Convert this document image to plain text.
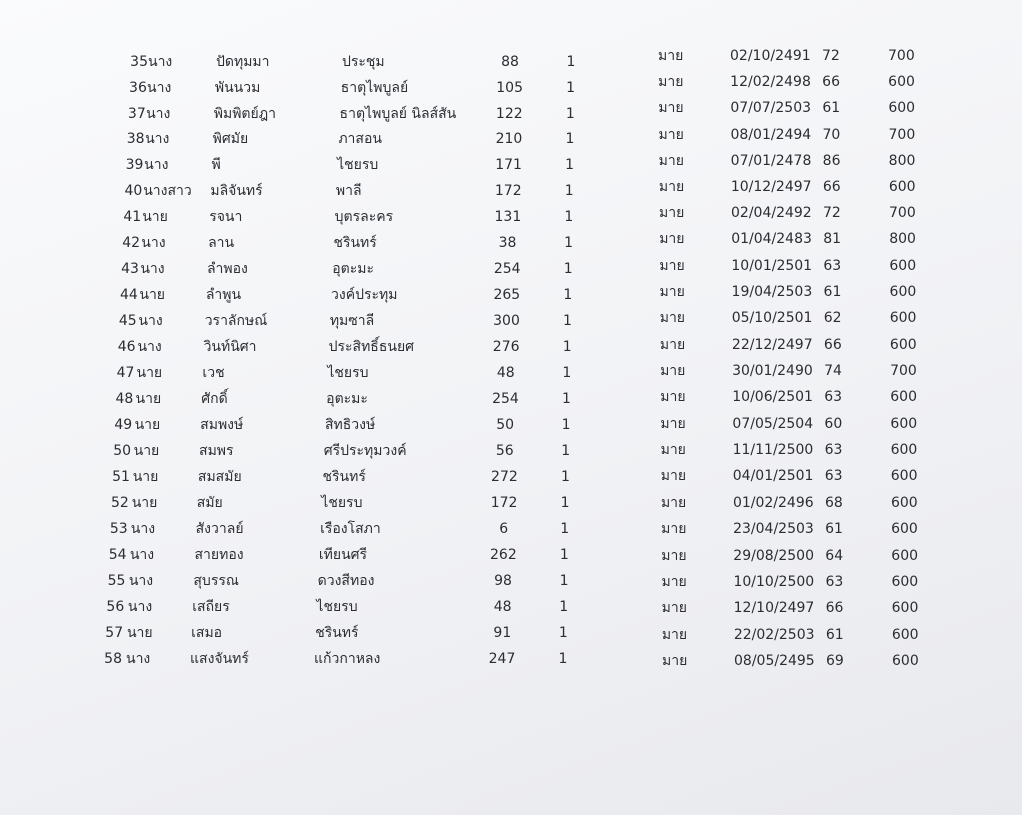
35 นาง	ปัดทุมมา	ประชุม	88	1	มาย	02/10/2491 72	700
36 นาง	พันนวม	ธาตุไพบูลย์	105	1	มาย	12/02/2498 66	600
37 นาง	พิมพิตย์ฎา	ธาตุไพบูลย์ นิลส์สัน	122	1	มาย	07/07/2503 61	600
38 นาง	พิศมัย	ภาสอน	210	1	มาย	08/01/2494 70	700
39 นาง	พี	ไชยรบ	171	1	มาย	07/01/2478 86	800
40 นางสาว มลิจันทร์	พาลี	172	1	มาย	10/12/2497 66	600
41 นาย	รจนา	บุตรละคร	131	1	มาย	02/04/2492 72	700
42 นาง	ลาน	ชรินทร์	38	1	มาย	01/04/2483 81	800
43 นาง	ลำพอง	อุตะมะ	254	1	มาย	10/01/2501 63	600
44 นาย	ลำพูน	วงค์ประทุม	265	1	มาย	19/04/2503 61	600
45 นาง	วราลักษณ์	ทุมซาลี	300	1	มาย	05/10/2501 62	600
46 นาง	วินท์นิศา	ประสิทธิ์ธนยศ	276	1	มาย	22/12/2497 66	600
47 นาย	เวช	ไชยรบ	48	1	มาย	30/01/2490 74	700
48 นาย	ศักดิ์	อุตะมะ	254	1	มาย	10/06/2501 63	600
49 นาย	สมพงษ์	สิทธิวงษ์	50	1	มาย	07/05/2504 60	600
50 นาย	สมพร	ศรีประทุมวงค์	56	1	มาย	11/11/2500 63	600
51 นาย	สมสมัย	ชรินทร์	272	1	มาย	04/01/2501 63	600
52 นาย	สมัย	ไชยรบ	172	1	มาย	01/02/2496 68	600
53 นาง	สังวาลย์	เรืองโสภา	6	1	มาย	23/04/2503 61	600
54 นาง	สายทอง	เทียนศรี	262	1	มาย	29/08/2500 64	600
55 นาง	สุบรรณ	ดวงสีทอง	98	1	มาย	10/10/2500 63	600
56 นาง	เสถียร	ไชยรบ	48	1	มาย	12/10/2497 66	600
57 นาย	เสมอ	ชรินทร์	91	1	มาย	22/02/2503 61	600
58 นาง	แสงจันทร์	แก้วกาหลง	247	1	มาย	08/05/2495 69	600
